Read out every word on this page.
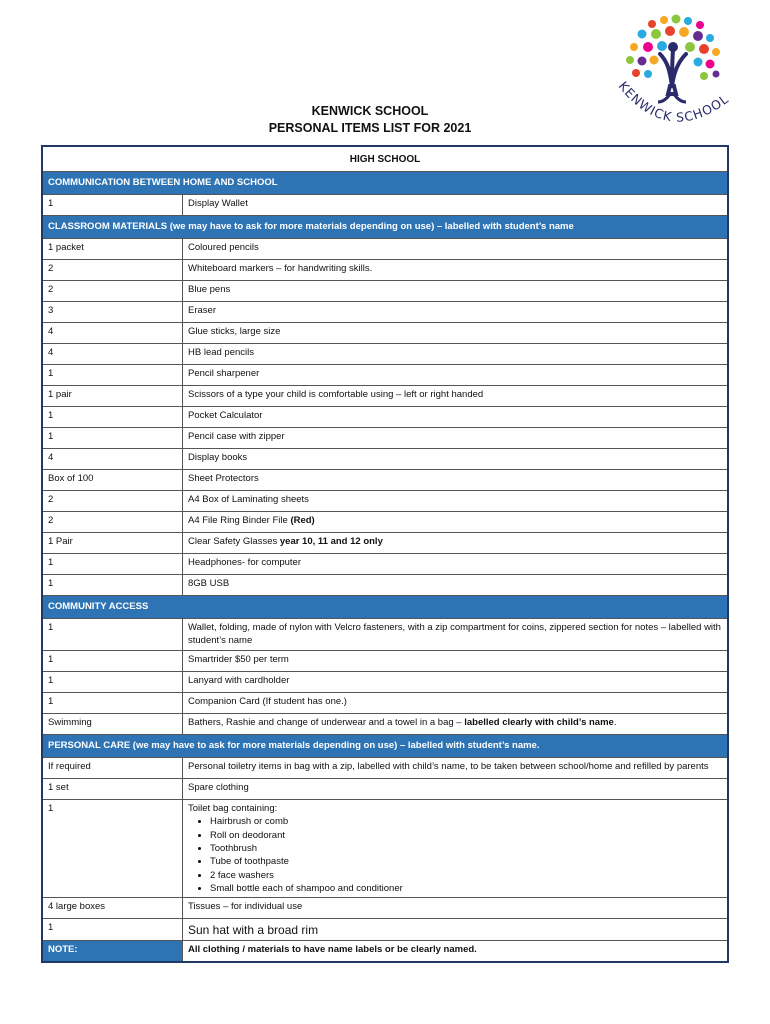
KENWICK SCHOOL
KENWICK SCHOOL
PERSONAL ITEMS LIST FOR 2021
HIGH SCHOOL
COMMUNICATION BETWEEN HOME AND SCHOOL
1	Display Wallet
CLASSROOM MATERIALS (we may have to ask for more materials depending on use) – labelled with student’s name
1 packet	Coloured pencils
2	Whiteboard markers – for handwriting skills.
2	Blue pens
3	Eraser
4	Glue sticks, large size
4	HB lead pencils
1	Pencil sharpener
1 pair	Scissors of a type your child is comfortable using – left or right handed
1	Pocket Calculator
1	Pencil case with zipper
4	Display books
Box of 100	Sheet Protectors
2	A4 Box of Laminating sheets
2	A4 File Ring Binder File (Red)
1 Pair	Clear Safety Glasses year 10, 11 and 12 only
1	Headphones- for computer
1	8GB USB
COMMUNITY ACCESS
1	Wallet, folding, made of nylon with Velcro fasteners, with a zip compartment for coins, zippered section for notes – labelled with student’s name
1	Smartrider $50 per term
1	Lanyard with cardholder
1	Companion Card (If student has one.)
Swimming	Bathers, Rashie and change of underwear and a towel in a bag – labelled clearly with child’s name.
PERSONAL CARE (we may have to ask for more materials depending on use) – labelled with student’s name.
If required	Personal toiletry items in bag with a zip, labelled with child’s name, to be taken between school/home and refilled by parents
1 set	Spare clothing
1	Toilet bag containing:
• Hairbrush or comb
• Roll on deodorant
• Toothbrush
• Tube of toothpaste
• 2 face washers
• Small bottle each of shampoo and conditioner
4 large boxes	Tissues – for individual use
1	Sun hat with a broad rim
NOTE:	All clothing / materials to have name labels or be clearly named.
